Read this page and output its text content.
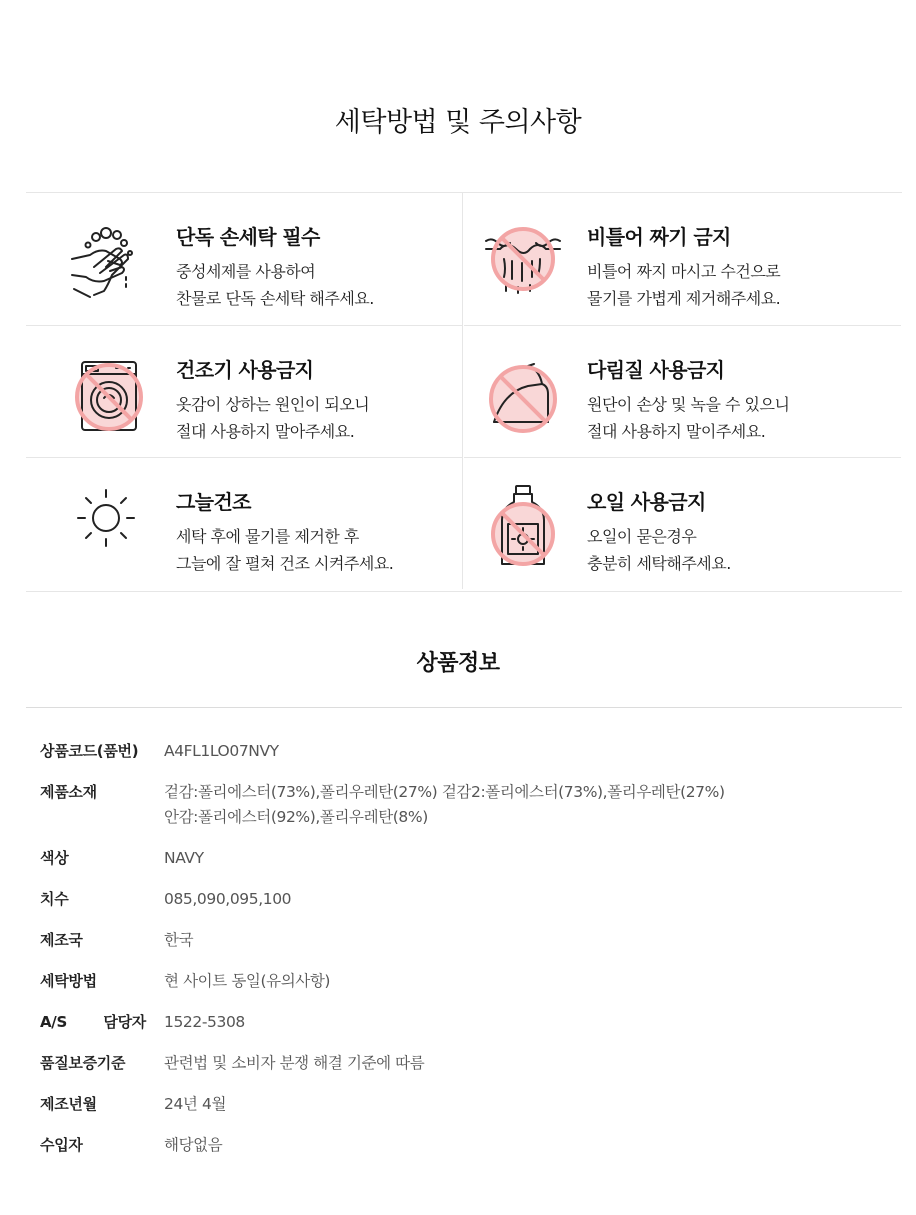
세탁방법 및 주의사항
단독 손세탁 필수
중성세제를 사용하여
찬물로 단독 손세탁 해주세요.
비틀어 짜기 금지
비틀어 짜지 마시고 수건으로
물기를 가볍게 제거해주세요.
건조기 사용금지
옷감이 상하는 원인이 되오니
절대 사용하지 말아주세요.
다림질 사용금지
원단이 손상 및 녹을 수 있으니
절대 사용하지 말이주세요.
그늘건조
세탁 후에 물기를 제거한 후
그늘에 잘 펼쳐 건조 시켜주세요.
오일 사용금지
오일이 묻은경우
충분히 세탁해주세요.
상품정보
상품코드(품번)	A4FL1LO07NVY
제품소재	겉감:폴리에스터(73%),폴리우레탄(27%) 겉감2:폴리에스터(73%),폴리우레탄(27%)
안감:폴리에스터(92%),폴리우레탄(8%)
색상	NAVY
치수	085,090,095,100
제조국	한국
세탁방법	현 사이트 동일(유의사항)
A/S 담당자 1522-5308
품질보증기준	관련법 및 소비자 분쟁 해결 기준에 따름
제조년월	24년 4월
수입자	해당없음
